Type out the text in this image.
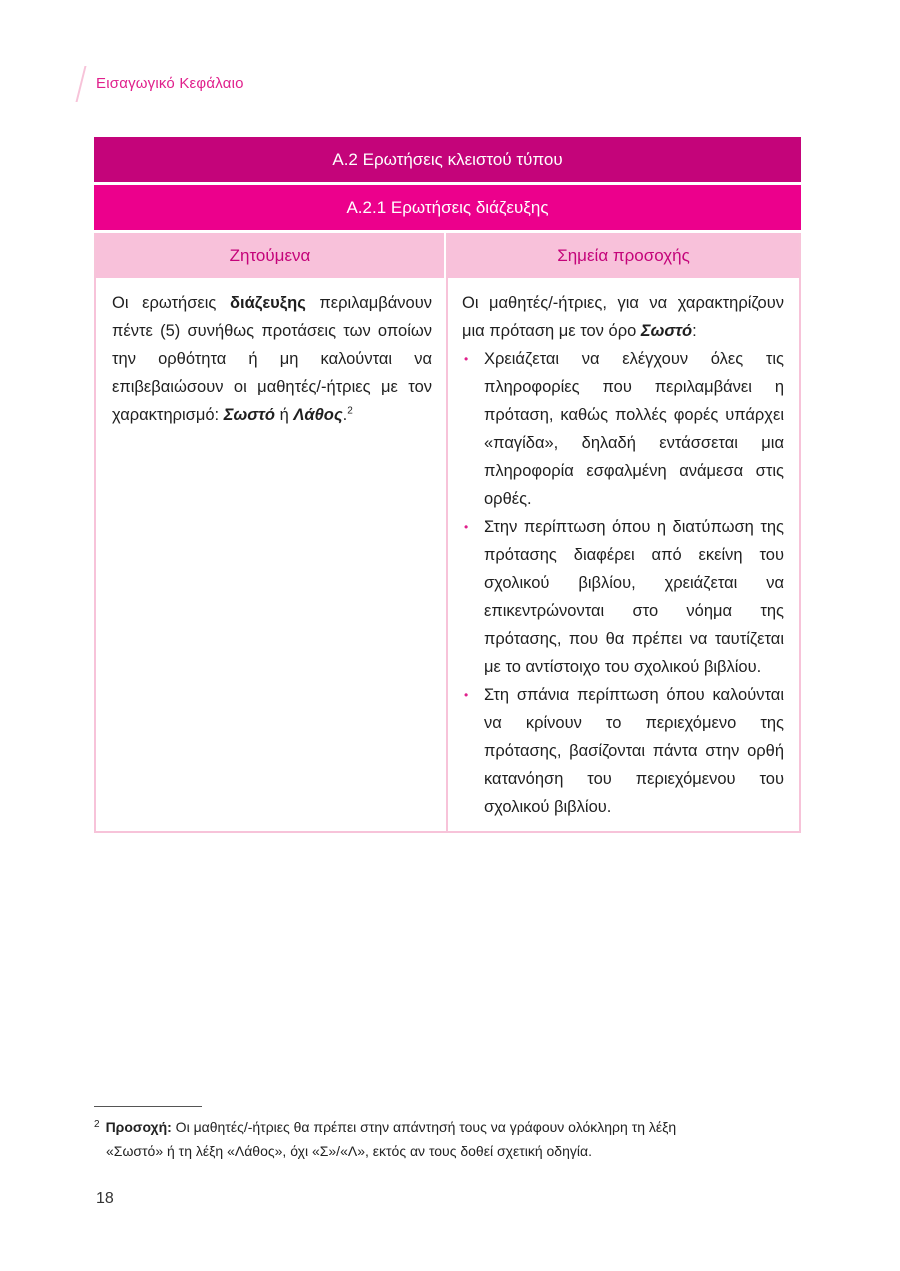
Εισαγωγικό Κεφάλαιο
Α.2 Ερωτήσεις κλειστού τύπου
Α.2.1 Ερωτήσεις διάζευξης
Ζητούμενα
Οι ερωτήσεις διάζευξης περιλαμβάνουν πέντε (5) συνήθως προτάσεις των οποίων την ορθότητα ή μη καλούνται να επιβεβαιώσουν οι μαθητές/-ήτριες με τον χαρακτηρισμό: Σωστό ή Λάθος.$^2$
Σημεία προσοχής
Οι μαθητές/-ήτριες, για να χαρακτηρίζουν μια πρόταση με τον όρο Σωστό:
• Χρειάζεται να ελέγχουν όλες τις πληροφορίες που περιλαμβάνει η πρόταση, καθώς πολλές φορές υπάρχει «παγίδα», δηλαδή εντάσσεται μια πληροφορία εσφαλμένη ανάμεσα στις ορθές.
• Στην περίπτωση όπου η διατύπωση της πρότασης διαφέρει από εκείνη του σχολικού βιβλίου, χρειάζεται να επικεντρώνονται στο νόημα της πρότασης, που θα πρέπει να ταυτίζεται με το αντίστοιχο του σχολικού βιβλίου.
• Στη σπάνια περίπτωση όπου καλούνται να κρίνουν το περιεχόμενο της πρότασης, βασίζονται πάντα στην ορθή κατανόηση του περιεχόμενου του σχολικού βιβλίου.
$^2$ Προσοχή: Οι μαθητές/-ήτριες θα πρέπει στην απάντησή τους να γράφουν ολόκληρη τη λέξη
«Σωστό» ή τη λέξη «Λάθος», όχι «Σ»/«Λ», εκτός αν τους δοθεί σχετική οδηγία.
18
